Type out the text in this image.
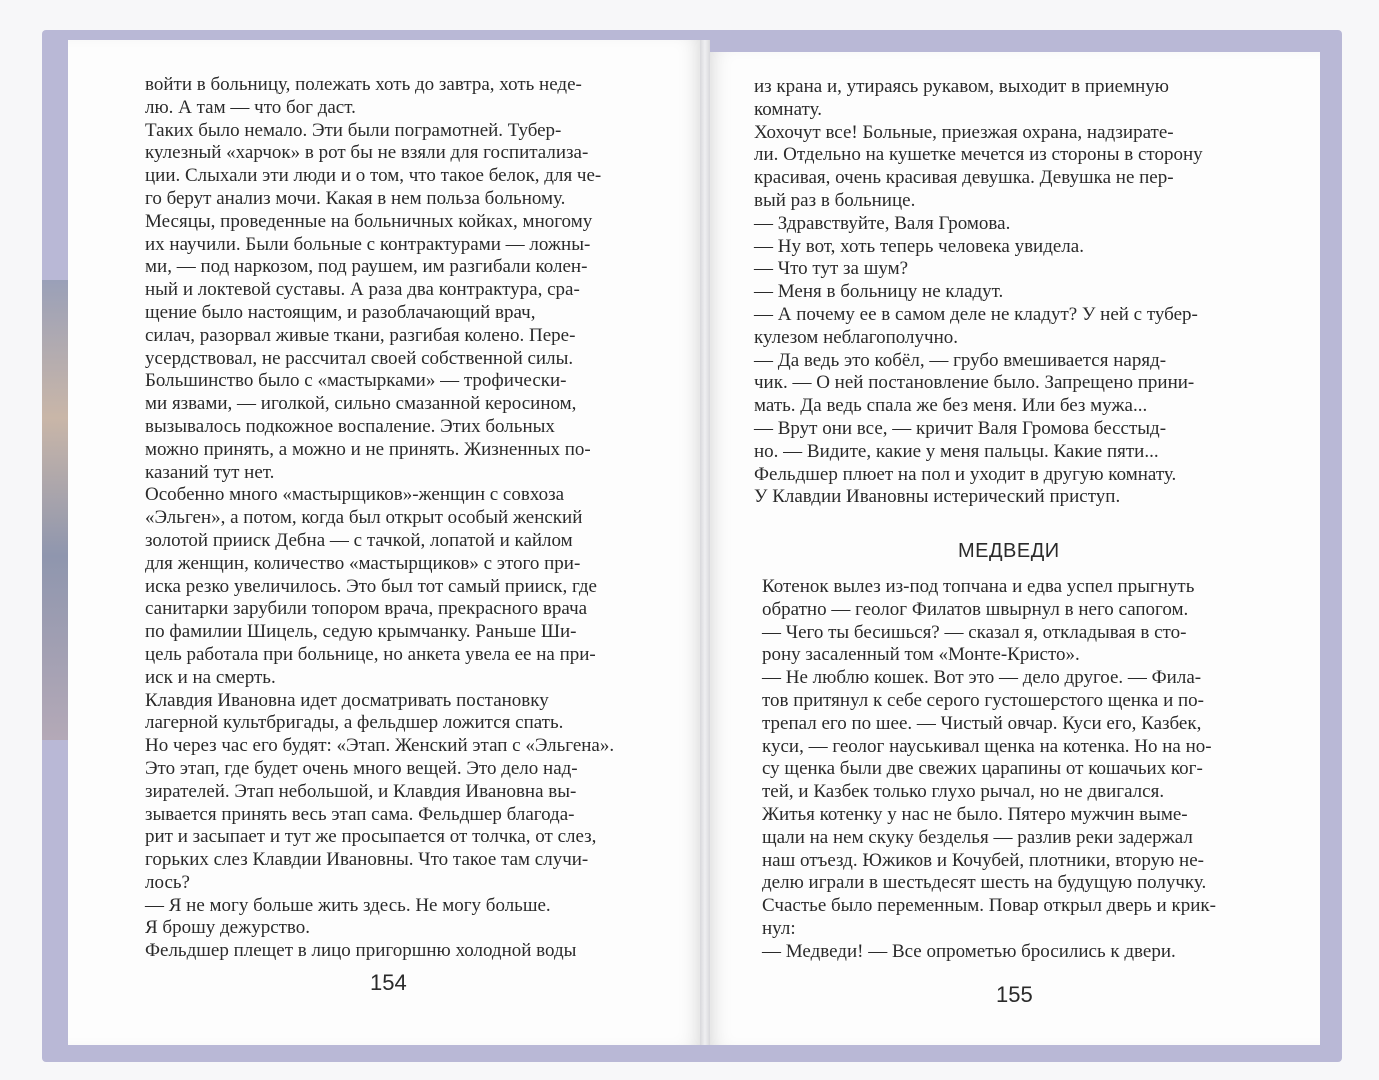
войти в больницу, полежать хоть до завтра, хоть неде-
лю. А там — что бог даст.
Таких было немало. Эти были пограмотней. Тубер-
кулезный «харчок» в рот бы не взяли для госпитализа-
ции. Слыхали эти люди и о том, что такое белок, для че-
го берут анализ мочи. Какая в нем польза больному.
Месяцы, проведенные на больничных койках, многому
их научили. Были больные с контрактурами — ложны-
ми, — под наркозом, под раушем, им разгибали колен-
ный и локтевой суставы. А раза два контрактура, сра-
щение было настоящим, и разоблачающий врач,
силач, разорвал живые ткани, разгибая колено. Пере-
усердствовал, не рассчитал своей собственной силы.
Большинство было с «мастырками» — трофически-
ми язвами, — иголкой, сильно смазанной керосином,
вызывалось подкожное воспаление. Этих больных
можно принять, а можно и не принять. Жизненных по-
казаний тут нет.
Особенно много «мастырщиков»-женщин с совхоза
«Эльген», а потом, когда был открыт особый женский
золотой прииск Дебна — с тачкой, лопатой и кайлом
для женщин, количество «мастырщиков» с этого при-
иска резко увеличилось. Это был тот самый прииск, где
санитарки зарубили топором врача, прекрасного врача
по фамилии Шицель, седую крымчанку. Раньше Ши-
цель работала при больнице, но анкета увела ее на при-
иск и на смерть.
Клавдия Ивановна идет досматривать постановку
лагерной культбригады, а фельдшер ложится спать.
Но через час его будят: «Этап. Женский этап с «Эльгена».
Это этап, где будет очень много вещей. Это дело над-
зирателей. Этап небольшой, и Клавдия Ивановна вы-
зывается принять весь этап сама. Фельдшер благода-
рит и засыпает и тут же просыпается от толчка, от слез,
горьких слез Клавдии Ивановны. Что такое там случи-
лось?
— Я не могу больше жить здесь. Не могу больше.
Я брошу дежурство.
Фельдшер плещет в лицо пригоршню холодной воды
154
из крана и, утираясь рукавом, выходит в приемную
комнату.
Хохочут все! Больные, приезжая охрана, надзирате-
ли. Отдельно на кушетке мечется из стороны в сторону
красивая, очень красивая девушка. Девушка не пер-
вый раз в больнице.
— Здравствуйте, Валя Громова.
— Ну вот, хоть теперь человека увидела.
— Что тут за шум?
— Меня в больницу не кладут.
— А почему ее в самом деле не кладут? У ней с тубер-
кулезом неблагополучно.
— Да ведь это кобёл, — грубо вмешивается наряд-
чик. — О ней постановление было. Запрещено прини-
мать. Да ведь спала же без меня. Или без мужа...
— Врут они все, — кричит Валя Громова бесстыд-
но. — Видите, какие у меня пальцы. Какие пяти...
Фельдшер плюет на пол и уходит в другую комнату.
У Клавдии Ивановны истерический приступ.
МЕДВЕДИ
Котенок вылез из-под топчана и едва успел прыгнуть
обратно — геолог Филатов швырнул в него сапогом.
— Чего ты бесишься? — сказал я, откладывая в сто-
рону засаленный том «Монте-Кристо».
— Не люблю кошек. Вот это — дело другое. — Фила-
тов притянул к себе серого густошерстого щенка и по-
трепал его по шее. — Чистый овчар. Куси его, Казбек,
куси, — геолог науськивал щенка на котенка. Но на но-
су щенка были две свежих царапины от кошачьих ког-
тей, и Казбек только глухо рычал, но не двигался.
Житья котенку у нас не было. Пятеро мужчин выме-
щали на нем скуку безделья — разлив реки задержал
наш отъезд. Южиков и Кочубей, плотники, вторую не-
делю играли в шестьдесят шесть на будущую получку.
Счастье было переменным. Повар открыл дверь и крик-
нул:
— Медведи! — Все опрометью бросились к двери.
155
